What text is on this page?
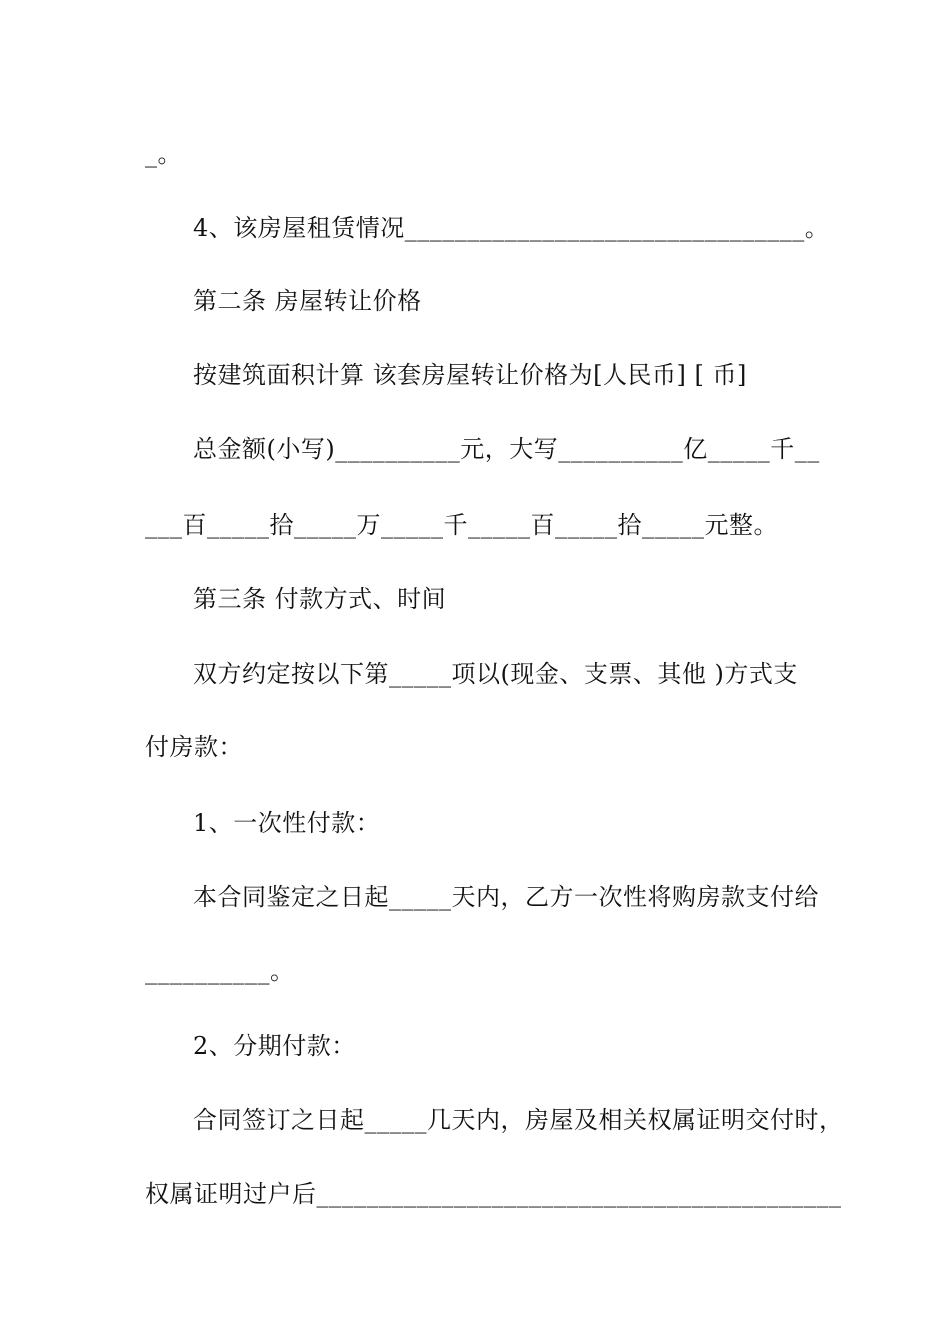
_。
4、该房屋租赁情况________________________________。
第二条 房屋转让价格
按建筑面积计算 该套房屋转让价格为[人民币] [ 币]
总金额(小写)__________元，大写__________亿_____千__
___百_____拾_____万_____千_____百_____拾_____元整。
第三条 付款方式、时间
双方约定按以下第_____项以(现金、支票、其他 )方式支
付房款：
1、一次性付款：
本合同鉴定之日起_____天内，乙方一次性将购房款支付给
__________。
2、分期付款：
合同签订之日起_____几天内，房屋及相关权属证明交付时，
权属证明过户后__________________________________________
